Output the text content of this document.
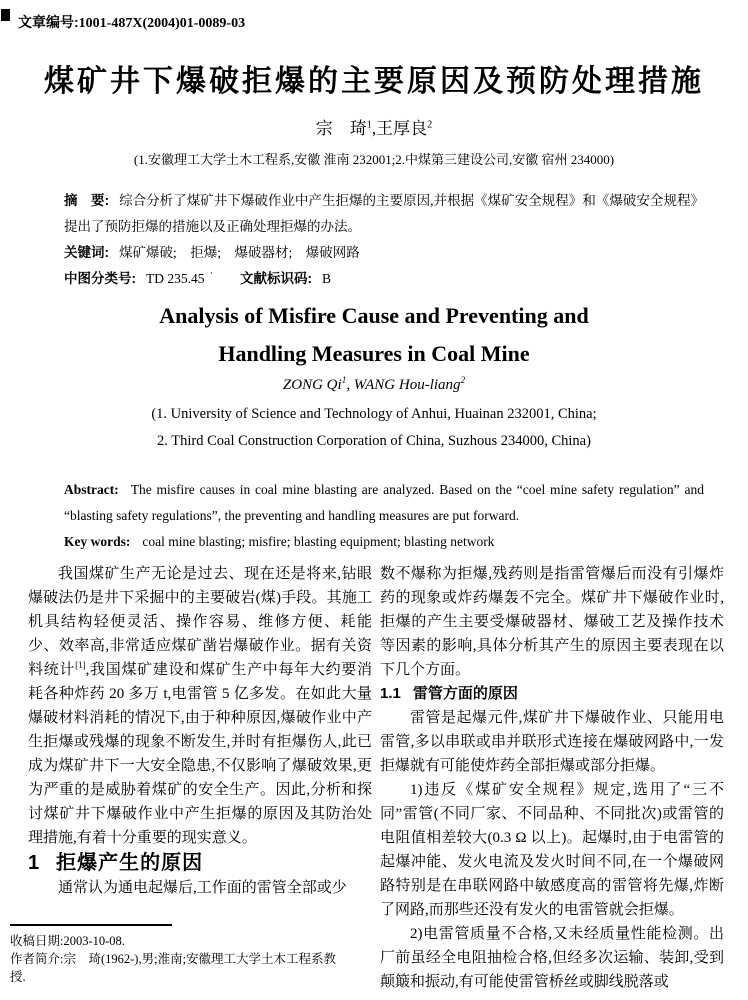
文章编号:1001-487X(2004)01-0089-03
煤矿井下爆破拒爆的主要原因及预防处理措施
宗　琦$^1$,王厚良$^2$
(1.安徽理工大学土木工程系,安徽 淮南 232001;2.中煤第三建设公司,安徽 宿州 234000)

摘　要: 综合分析了煤矿井下爆破作业中产生拒爆的主要原因,并根据《煤矿安全规程》和《爆破安全规程》提出了预防拒爆的措施以及正确处理拒爆的办法。

关键词: 煤矿爆破;　拒爆;　爆破器材;　爆破网路

中图分类号: TD 235.45 ' 文献标识码: B

Analysis of Misfire Cause and Preventing and
Handling Measures in Coal Mine
ZONG Qi$^1$, WANG Hou-liang$^2$
(1. University of Science and Technology of Anhui, Huainan 232001, China;
2. Third Coal Construction Corporation of China, Suzhous 234000, China)

Abstract: The misfire causes in coal mine blasting are analyzed. Based on the “coel mine safety regulation” and “blasting safety regulations”, the preventing and handling measures are put forward.

Key words: coal mine blasting; misfire; blasting equipment; blasting network

我国煤矿生产无论是过去、现在还是将来,钻眼爆破法仍是井下采掘中的主要破岩(煤)手段。其施工机具结构轻便灵活、操作容易、维修方便、耗能少、效率高,非常适应煤矿凿岩爆破作业。据有关资料统计[1],我国煤矿建设和煤矿生产中每年大约要消耗各种炸药 20 多万 t,电雷管 5 亿多发。在如此大量爆破材料消耗的情况下,由于种种原因,爆破作业中产生拒爆或残爆的现象不断发生,并时有拒爆伤人,此已成为煤矿井下一大安全隐患,不仅影响了爆破效果,更为严重的是威胁着煤矿的安全生产。因此,分析和探讨煤矿井下爆破作业中产生拒爆的原因及其防治处理措施,有着十分重要的现实意义。

1 拒爆产生的原因

通常认为通电起爆后,工作面的雷管全部或少

数不爆称为拒爆,残药则是指雷管爆后而没有引爆炸药的现象或炸药爆轰不完全。煤矿井下爆破作业时,拒爆的产生主要受爆破器材、爆破工艺及操作技术等因素的影响,具体分析其产生的原因主要表现在以下几个方面。

1.1 雷管方面的原因

雷管是起爆元件,煤矿井下爆破作业、只能用电雷管,多以串联或串并联形式连接在爆破网路中,一发拒爆就有可能使炸药全部拒爆或部分拒爆。

1)违反《煤矿安全规程》规定,选用了“三不同”雷管(不同厂家、不同品种、不同批次)或雷管的电阻值相差较大(0.3 Ω 以上)。起爆时,由于电雷管的起爆冲能、发火电流及发火时间不同,在一个爆破网路特别是在串联网路中敏感度高的雷管将先爆,炸断了网路,而那些还没有发火的电雷管就会拒爆。

2)电雷管质量不合格,又未经质量性能检测。出厂前虽经全电阻抽检合格,但经多次运输、装卸,受到颠簸和振动,有可能使雷管桥丝或脚线脱落或

收稿日期:2003-10-08.

作者简介:宗　琦(1962-),男;淮南;安徽理工大学土木工程系教

授.
